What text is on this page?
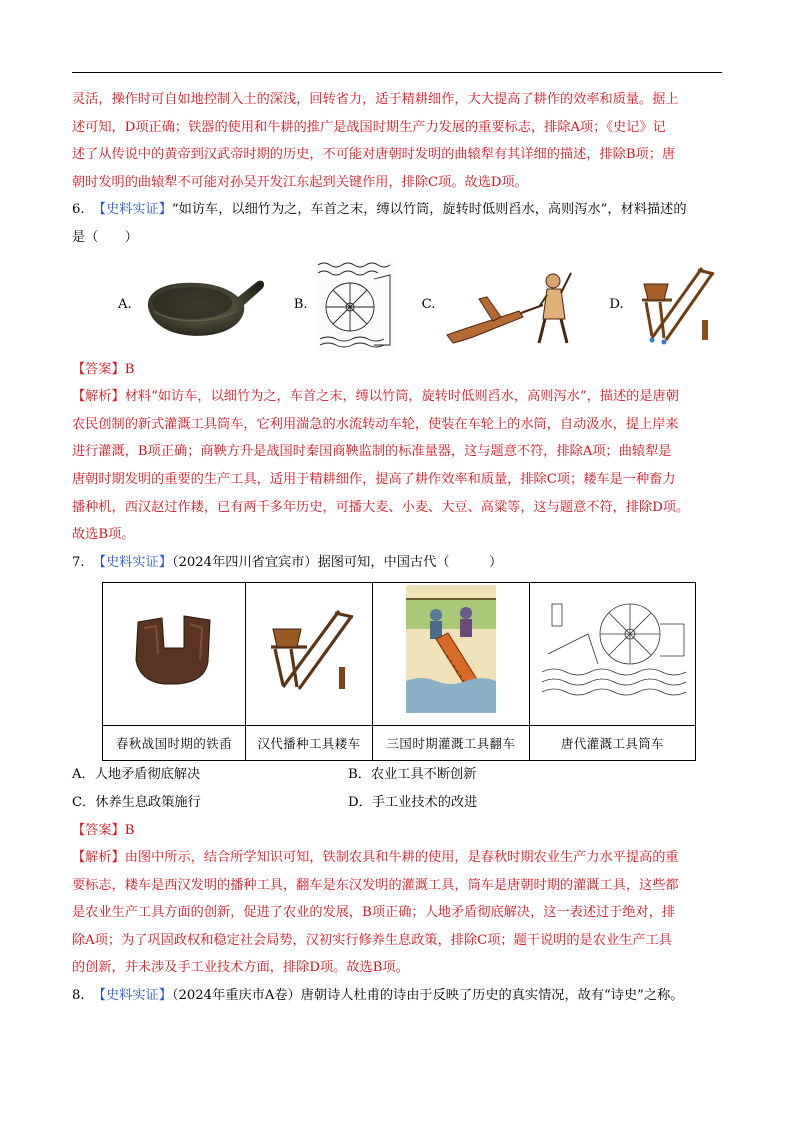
灵活，操作时可自如地控制入土的深浅，回转省力，适于精耕细作，大大提高了耕作的效率和质量。据上

述可知，D项正确；铁器的使用和牛耕的推广是战国时期生产力发展的重要标志，排除A项；《史记》记

述了从传说中的黄帝到汉武帝时期的历史，不可能对唐朝时发明的曲辕犁有其详细的描述，排除B项；唐

朝时发明的曲辕犁不可能对孙吴开发江东起到关键作用，排除C项。故选D项。

6. 【史料实证】“如访车，以细竹为之，车首之末，缚以竹筒，旋转时低则舀水，高则泻水”，材料描述的

是（　　）

A.	B.	C.	D.

【答案】B

【解析】材料“如访车，以细竹为之，车首之末，缚以竹筒，旋转时低则舀水，高则泻水”，描述的是唐朝

农民创制的新式灌溉工具筒车，它利用湍急的水流转动车轮，使装在车轮上的水筒，自动汲水，提上岸来

进行灌溉，B项正确；商鞅方升是战国时秦国商鞅监制的标准量器，这与题意不符，排除A项；曲辕犁是

唐朝时期发明的重要的生产工具，适用于精耕细作，提高了耕作效率和质量，排除C项；耧车是一种畜力

播种机，西汉赵过作耧，已有两千多年历史，可播大麦、小麦、大豆、高粱等，这与题意不符，排除D项。

故选B项。

7. 【史料实证】（2024年四川省宜宾市）据图可知，中国古代（　　　）

春秋战国时期的铁臿	汉代播种工具耧车	三国时期灌溉工具翻车	唐代灌溉工具筒车
A．人地矛盾彻底解决	B．农业工具不断创新
C．休养生息政策施行	D．手工业技术的改进

【答案】B

【解析】由图中所示，结合所学知识可知，铁制农具和牛耕的使用，是春秋时期农业生产力水平提高的重

要标志，耧车是西汉发明的播种工具，翻车是东汉发明的灌溉工具，筒车是唐朝时期的灌溉工具，这些都

是农业生产工具方面的创新，促进了农业的发展，B项正确；人地矛盾彻底解决，这一表述过于绝对，排

除A项；为了巩固政权和稳定社会局势，汉初实行修养生息政策，排除C项；题干说明的是农业生产工具

的创新，并未涉及手工业技术方面，排除D项。故选B项。

8. 【史料实证】（2024年重庆市A卷）唐朝诗人杜甫的诗由于反映了历史的真实情况，故有“诗史”之称。
